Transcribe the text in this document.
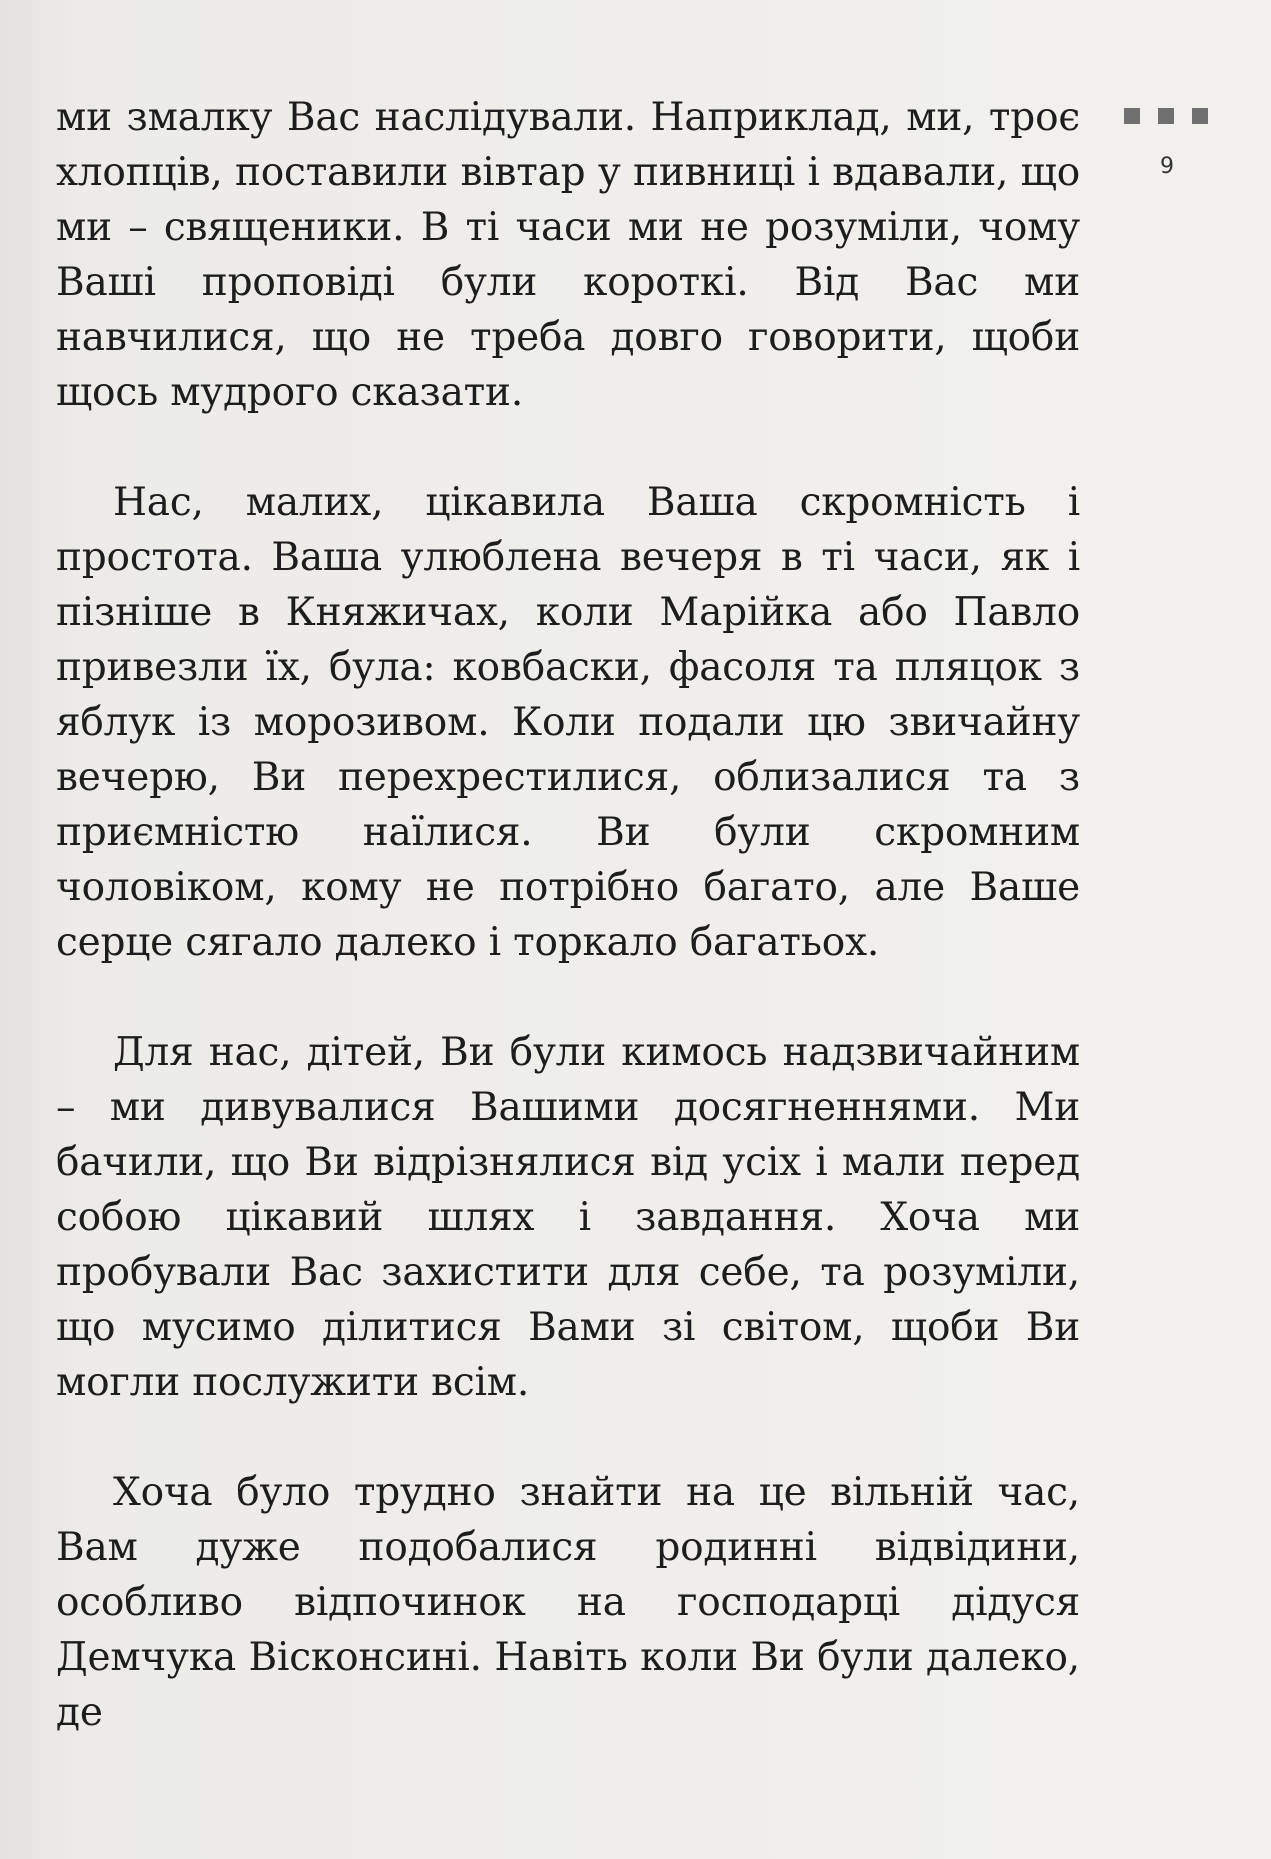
9

ми змалку Вас наслідували. Наприклад, ми, троє хлопців, поставили вівтар у пивниці і вдавали, що ми – священики. В ті часи ми не розуміли, чому Ваші проповіді були короткі. Від Вас ми навчилися, що не треба довго говорити, щоби щось мудрого сказати.

Нас, малих, цікавила Ваша скромність і простота. Ваша улюблена вечеря в ті часи, як і пізніше в Княжичах, коли Марійка або Павло привезли їх, була: ковбаски, фасоля та пляцок з яблук із морозивом. Коли подали цю звичайну вечерю, Ви перехрестилися, облизалися та з приємністю наїлися. Ви були скромним чоловіком, кому не потрібно багато, але Ваше серце сягало далеко і торкало багатьох.

Для нас, дітей, Ви були кимось надзвичайним – ми дивувалися Вашими досягненнями. Ми бачили, що Ви відрізнялися від усіх і мали перед собою цікавий шлях і завдання. Хоча ми пробували Вас захистити для себе, та розуміли, що мусимо ділитися Вами зі світом, щоби Ви могли послужити всім.

Хоча було трудно знайти на це вільній час, Вам дуже подобалися родинні відвідини, особливо відпочинок на господарці дідуся Демчука Вісконсині. Навіть коли Ви були далеко, де
